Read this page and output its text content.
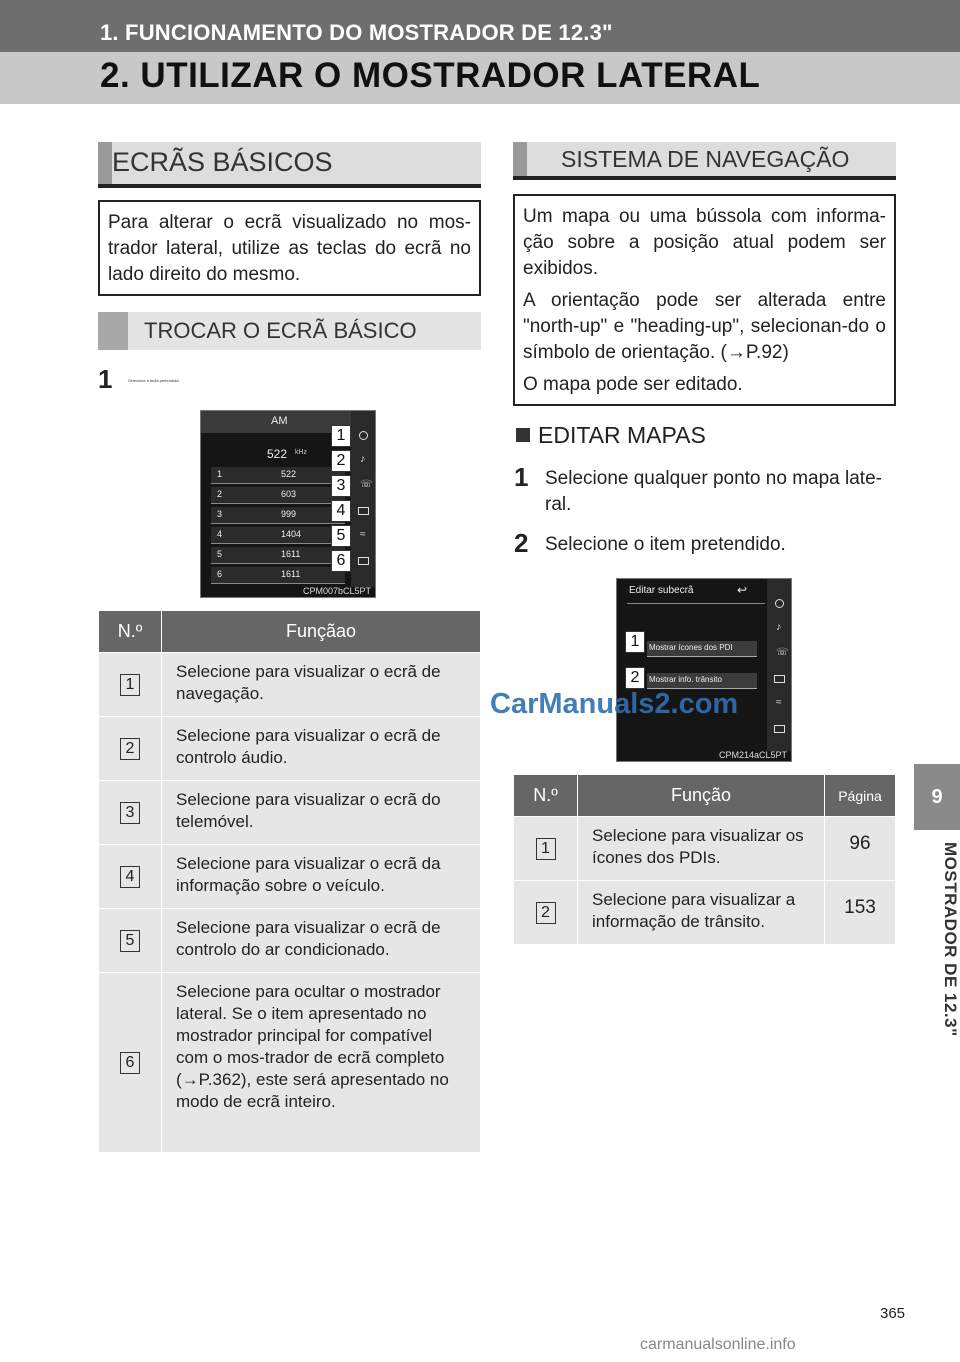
1. FUNCIONAMENTO DO MOSTRADOR DE 12.3"
2. UTILIZAR O MOSTRADOR LATERAL
ECRÃS BÁSICOS

Para alterar o ecrã visualizado no mos-trador lateral, utilize as teclas do ecrã no lado direito do mesmo.

TROCAR O ECRÃ BÁSICO
1	Selecione a tecla pretendida.
AM
522 kHz
1	522
2	603
3	999
4	1404
5	1611
6	1611
♪
☏
≈
1
2
3
4
5
6
CPM007bCL5PT
N.º	Funçãao
1	Selecione para visualizar o ecrã de navegação.
2	Selecione para visualizar o ecrã de controlo áudio.
3	Selecione para visualizar o ecrã do telemóvel.
4	Selecione para visualizar o ecrã da informação sobre o veículo.
5	Selecione para visualizar o ecrã de controlo do ar condicionado.
6	Selecione para ocultar o mostrador lateral. Se o item apresentado no mostrador principal for compatível com o mos-trador de ecrã completo (→P.362), este será apresentado no modo de ecrã inteiro.
SISTEMA DE NAVEGAÇÃO

Um mapa ou uma bússola com informa-ção sobre a posição atual podem ser exibidos.

A orientação pode ser alterada entre "north-up" e "heading-up", selecionan-do o símbolo de orientação. (→P.92)

O mapa pode ser editado.

EDITAR MAPAS
1 Selecione qualquer ponto no mapa late-ral.
2 Selecione o item pretendido.
Editar subecrã	↩
Mostrar ícones dos PDI
Mostrar info. trânsito
♪
☏
≈
1
2
CPM214aCL5PT
N.º	Função	Página
1	Selecione para visualizar os ícones dos PDIs.	96
2	Selecione para visualizar a informação de trânsito.	153
CarManuals2.com
9
MOSTRADOR DE 12.3"
365
carmanualsonline.info
